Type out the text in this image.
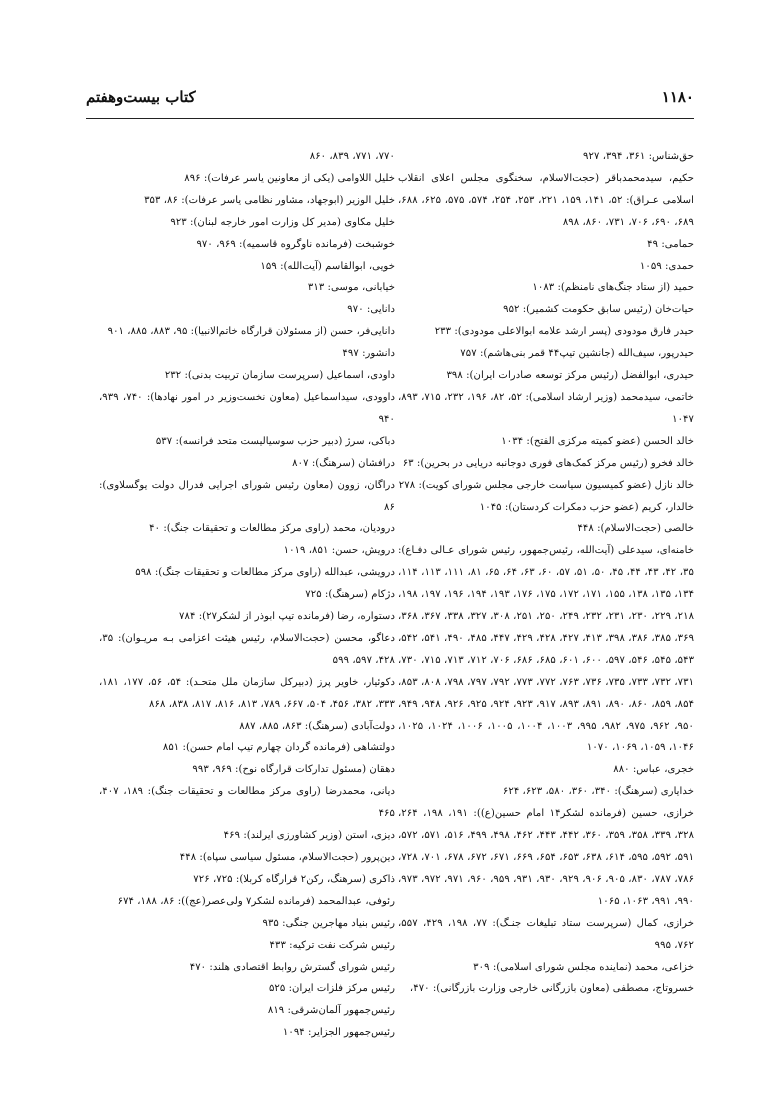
۱۱۸۰
کتاب بیست‌وهفتم

حق‌شناس: ۳۶۱، ۳۹۴، ۹۲۷

حکیم، سیدمحمدباقر (حجت‌الاسلام، سخنگوی مجلس اعلای انقلاب اسلامی عـراق): ۵۲، ۱۴۱، ۱۵۹، ۲۲۱، ۲۵۳، ۲۵۴، ۵۷۴، ۵۷۵، ۶۲۵، ۶۸۸، ۶۸۹، ۶۹۰، ۷۰۶، ۷۳۱، ۸۶۰، ۸۹۸

حمامی: ۴۹

حمدی: ۱۰۵۹

حمید (از ستاد جنگ‌های نامنظم): ۱۰۸۳

حیات‌خان (رئیس سابق حکومت کشمیر): ۹۵۲

حیدر فارق مودودی (پسر ارشد علامه ابوالاعلی مودودی): ۲۳۳

حیدرپور، سیف‌الله (جانشین تیپ۴۴ قمر بنی‌هاشم): ۷۵۷

حیدری، ابوالفضل (رئیس مرکز توسعه صادرات ایران): ۳۹۸

خاتمی، سیدمحمد (وزیر ارشاد اسلامی): ۵۲، ۸۲، ۱۹۶، ۲۳۲، ۷۱۵، ۸۹۳، ۱۰۴۷

خالد الحسن (عضو کمیته مرکزی الفتح): ۱۰۳۴

خالد فخرو (رئیس مرکز کمک‌های فوری دوجانبه دریایی در بحرین): ۶۳

خالد نازل (عضو کمیسیون سیاست خارجی مجلس شورای کویت): ۲۷۸

خالدار، کریم (عضو حزب دمکرات کردستان): ۱۰۴۵

خالصی (حجت‌الاسلام): ۴۴۸

خامنه‌ای، سیدعلی (آیت‌الله، رئیس‌جمهور، رئیس شورای عـالی دفـاع): ۳۵، ۴۲، ۴۳، ۴۴، ۴۵، ۵۰، ۵۱، ۵۷، ۶۰، ۶۳، ۶۴، ۶۵، ۸۱، ۱۱۱، ۱۱۳، ۱۱۴، ۱۳۴، ۱۳۵، ۱۳۸، ۱۵۵، ۱۷۱، ۱۷۲، ۱۷۵، ۱۷۶، ۱۹۳، ۱۹۴، ۱۹۶، ۱۹۷، ۱۹۸، ۲۱۸، ۲۲۹، ۲۳۰، ۲۳۱، ۲۳۲، ۲۴۹، ۲۵۰، ۲۵۱، ۳۰۸، ۳۲۷، ۳۳۸، ۳۶۷، ۳۶۸، ۳۶۹، ۳۸۵، ۳۸۶، ۳۹۸، ۴۱۳، ۴۲۷، ۴۲۸، ۴۲۹، ۴۴۷، ۴۸۵، ۴۹۰، ۵۴۱، ۵۴۲، ۵۴۳، ۵۴۵، ۵۴۶، ۵۹۷، ۶۰۰، ۶۰۱، ۶۸۵، ۶۸۶، ۷۰۶، ۷۱۲، ۷۱۳، ۷۱۵، ۷۳۰، ۷۳۱، ۷۳۲، ۷۳۳، ۷۳۵، ۷۳۶، ۷۶۳، ۷۷۲، ۷۷۳، ۷۹۲، ۷۹۷، ۷۹۸، ۸۰۸، ۸۵۳، ۸۵۴، ۸۵۹، ۸۶۰، ۸۹۰، ۸۹۱، ۸۹۳، ۹۱۷، ۹۲۳، ۹۲۴، ۹۲۵، ۹۲۶، ۹۴۸، ۹۴۹، ۹۵۰، ۹۶۲، ۹۷۵، ۹۸۲، ۹۹۵، ۱۰۰۳، ۱۰۰۴، ۱۰۰۵، ۱۰۰۶، ۱۰۲۴، ۱۰۲۵، ۱۰۴۶، ۱۰۵۹، ۱۰۶۹، ۱۰۷۰

خجری، عباس: ۸۸۰

خدایاری (سرهنگ): ۳۴۰، ۳۶۰، ۵۸۰، ۶۲۳، ۶۲۴

خرازی، حسین (فرمانده لشکر۱۴ امام حسین(ع)): ۱۹۱، ۱۹۸، ۲۶۴، ۳۲۸، ۳۳۹، ۳۵۸، ۳۵۹، ۳۶۰، ۴۴۲، ۴۴۳، ۴۶۲، ۴۹۸، ۴۹۹، ۵۱۶، ۵۷۱، ۵۷۲، ۵۹۱، ۵۹۲، ۵۹۵، ۶۱۴، ۶۳۸، ۶۵۳، ۶۵۴، ۶۶۹، ۶۷۱، ۶۷۲، ۶۷۸، ۷۰۱، ۷۲۸، ۷۸۶، ۷۸۷، ۸۳۰، ۹۰۵، ۹۰۶، ۹۲۹، ۹۳۰، ۹۳۱، ۹۵۹، ۹۶۰، ۹۷۱، ۹۷۲، ۹۷۳، ۹۹۰، ۹۹۱، ۱۰۶۳، ۱۰۶۵

خرازی، کمال (سرپرست ستاد تبلیغات جنـگ): ۷۷، ۱۹۸، ۴۲۹، ۵۵۷، ۷۶۲، ۹۹۵

خزاعی، محمد (نماینده مجلس شورای اسلامی): ۳۰۹

خسروتاج، مصطفی (معاون بازرگانی خارجی وزارت بازرگانی): ۴۷۰،

۷۷۰، ۷۷۱، ۸۳۹، ۸۶۰

خلیل اللاوامی (یکی از معاونین یاسر عرفات): ۸۹۶

خلیل الوزیر (ابوجهاد، مشاور نظامی یاسر عرفات): ۸۶، ۳۵۳

خلیل مکاوی (مدیر کل وزارت امور خارجه لبنان): ۹۲۳

خوشبخت (فرمانده ناوگروه قاسمیه): ۹۶۹، ۹۷۰

خویی، ابوالقاسم (آیت‌الله): ۱۵۹

خیابانی، موسی: ۳۱۳

دانایی: ۹۷۰

دانایی‌فر، حسن (از مسئولان قرارگاه خاتم‌الانبیا): ۹۵، ۸۸۳، ۸۸۵، ۹۰۱

دانشور: ۴۹۷

داودی، اسماعیل (سرپرست سازمان تربیت بدنی): ۲۳۲

داوودی، سیداسماعیل (معاون نخست‌وزیر در امور نهادها): ۷۴۰، ۹۳۹، ۹۴۰

دباکی، سرژ (دبیر حزب سوسیالیست متحد فرانسه): ۵۳۷

درافشان (سرهنگ): ۸۰۷

دراگان، زوون (معاون رئیس شورای اجرایی فدرال دولت یوگسلاوی): ۸۶

درودیان، محمد (راوی مرکز مطالعات و تحقیقات جنگ): ۴۰

درویش، حسن: ۸۵۱، ۱۰۱۹

درویشی، عبدالله (راوی مرکز مطالعات و تحقیقات جنگ): ۵۹۸

دژکام (سرهنگ): ۷۲۵

دستواره، رضا (فرمانده تیپ ابوذر از لشکر۲۷): ۷۸۴

دعاگو، محسن (حجت‌الاسلام، رئیس هیئت اعزامی بـه مریـوان): ۳۵، ۴۲۸، ۵۹۷، ۵۹۹

دکوئیار، خاویر پرز (دبیرکل سازمان ملل متحـد): ۵۴، ۵۶، ۱۷۷، ۱۸۱، ۳۳۳، ۳۸۲، ۴۵۶، ۵۰۴، ۶۶۷، ۷۸۹، ۸۱۳، ۸۱۶، ۸۱۷، ۸۳۸، ۸۶۸

دولت‌آبادی (سرهنگ): ۸۶۳، ۸۸۵، ۸۸۷

دولتشاهی (فرمانده گردان چهارم تیپ امام حسن): ۸۵۱

دهقان (مسئول تدارکات قرارگاه نوح): ۹۶۹، ۹۹۳

دیانی، محمدرضا (راوی مرکز مطالعات و تحقیقات جنگ): ۱۸۹، ۴۰۷، ۴۶۵

دیزی، استن (وزیر کشاورزی ایرلند): ۴۶۹

دین‌پرور (حجت‌الاسلام، مسئول سیاسی سپاه): ۴۴۸

ذاکری (سرهنگ، رکن۲ قرارگاه کربلا): ۷۲۵، ۷۲۶

رئوفی، عبدالمحمد (فرمانده لشکر۷ ولی‌عصر(عج)): ۸۶، ۱۸۸، ۶۷۴

رئیس بنیاد مهاجرین جنگی: ۹۳۵

رئیس شرکت نفت ترکیه: ۴۳۳

رئیس شورای گسترش روابط اقتصادی هلند: ۴۷۰

رئیس مرکز فلزات ایران: ۵۲۵

رئیس‌جمهور آلمان‌شرقی: ۸۱۹

رئیس‌جمهور الجزایر: ۱۰۹۴
